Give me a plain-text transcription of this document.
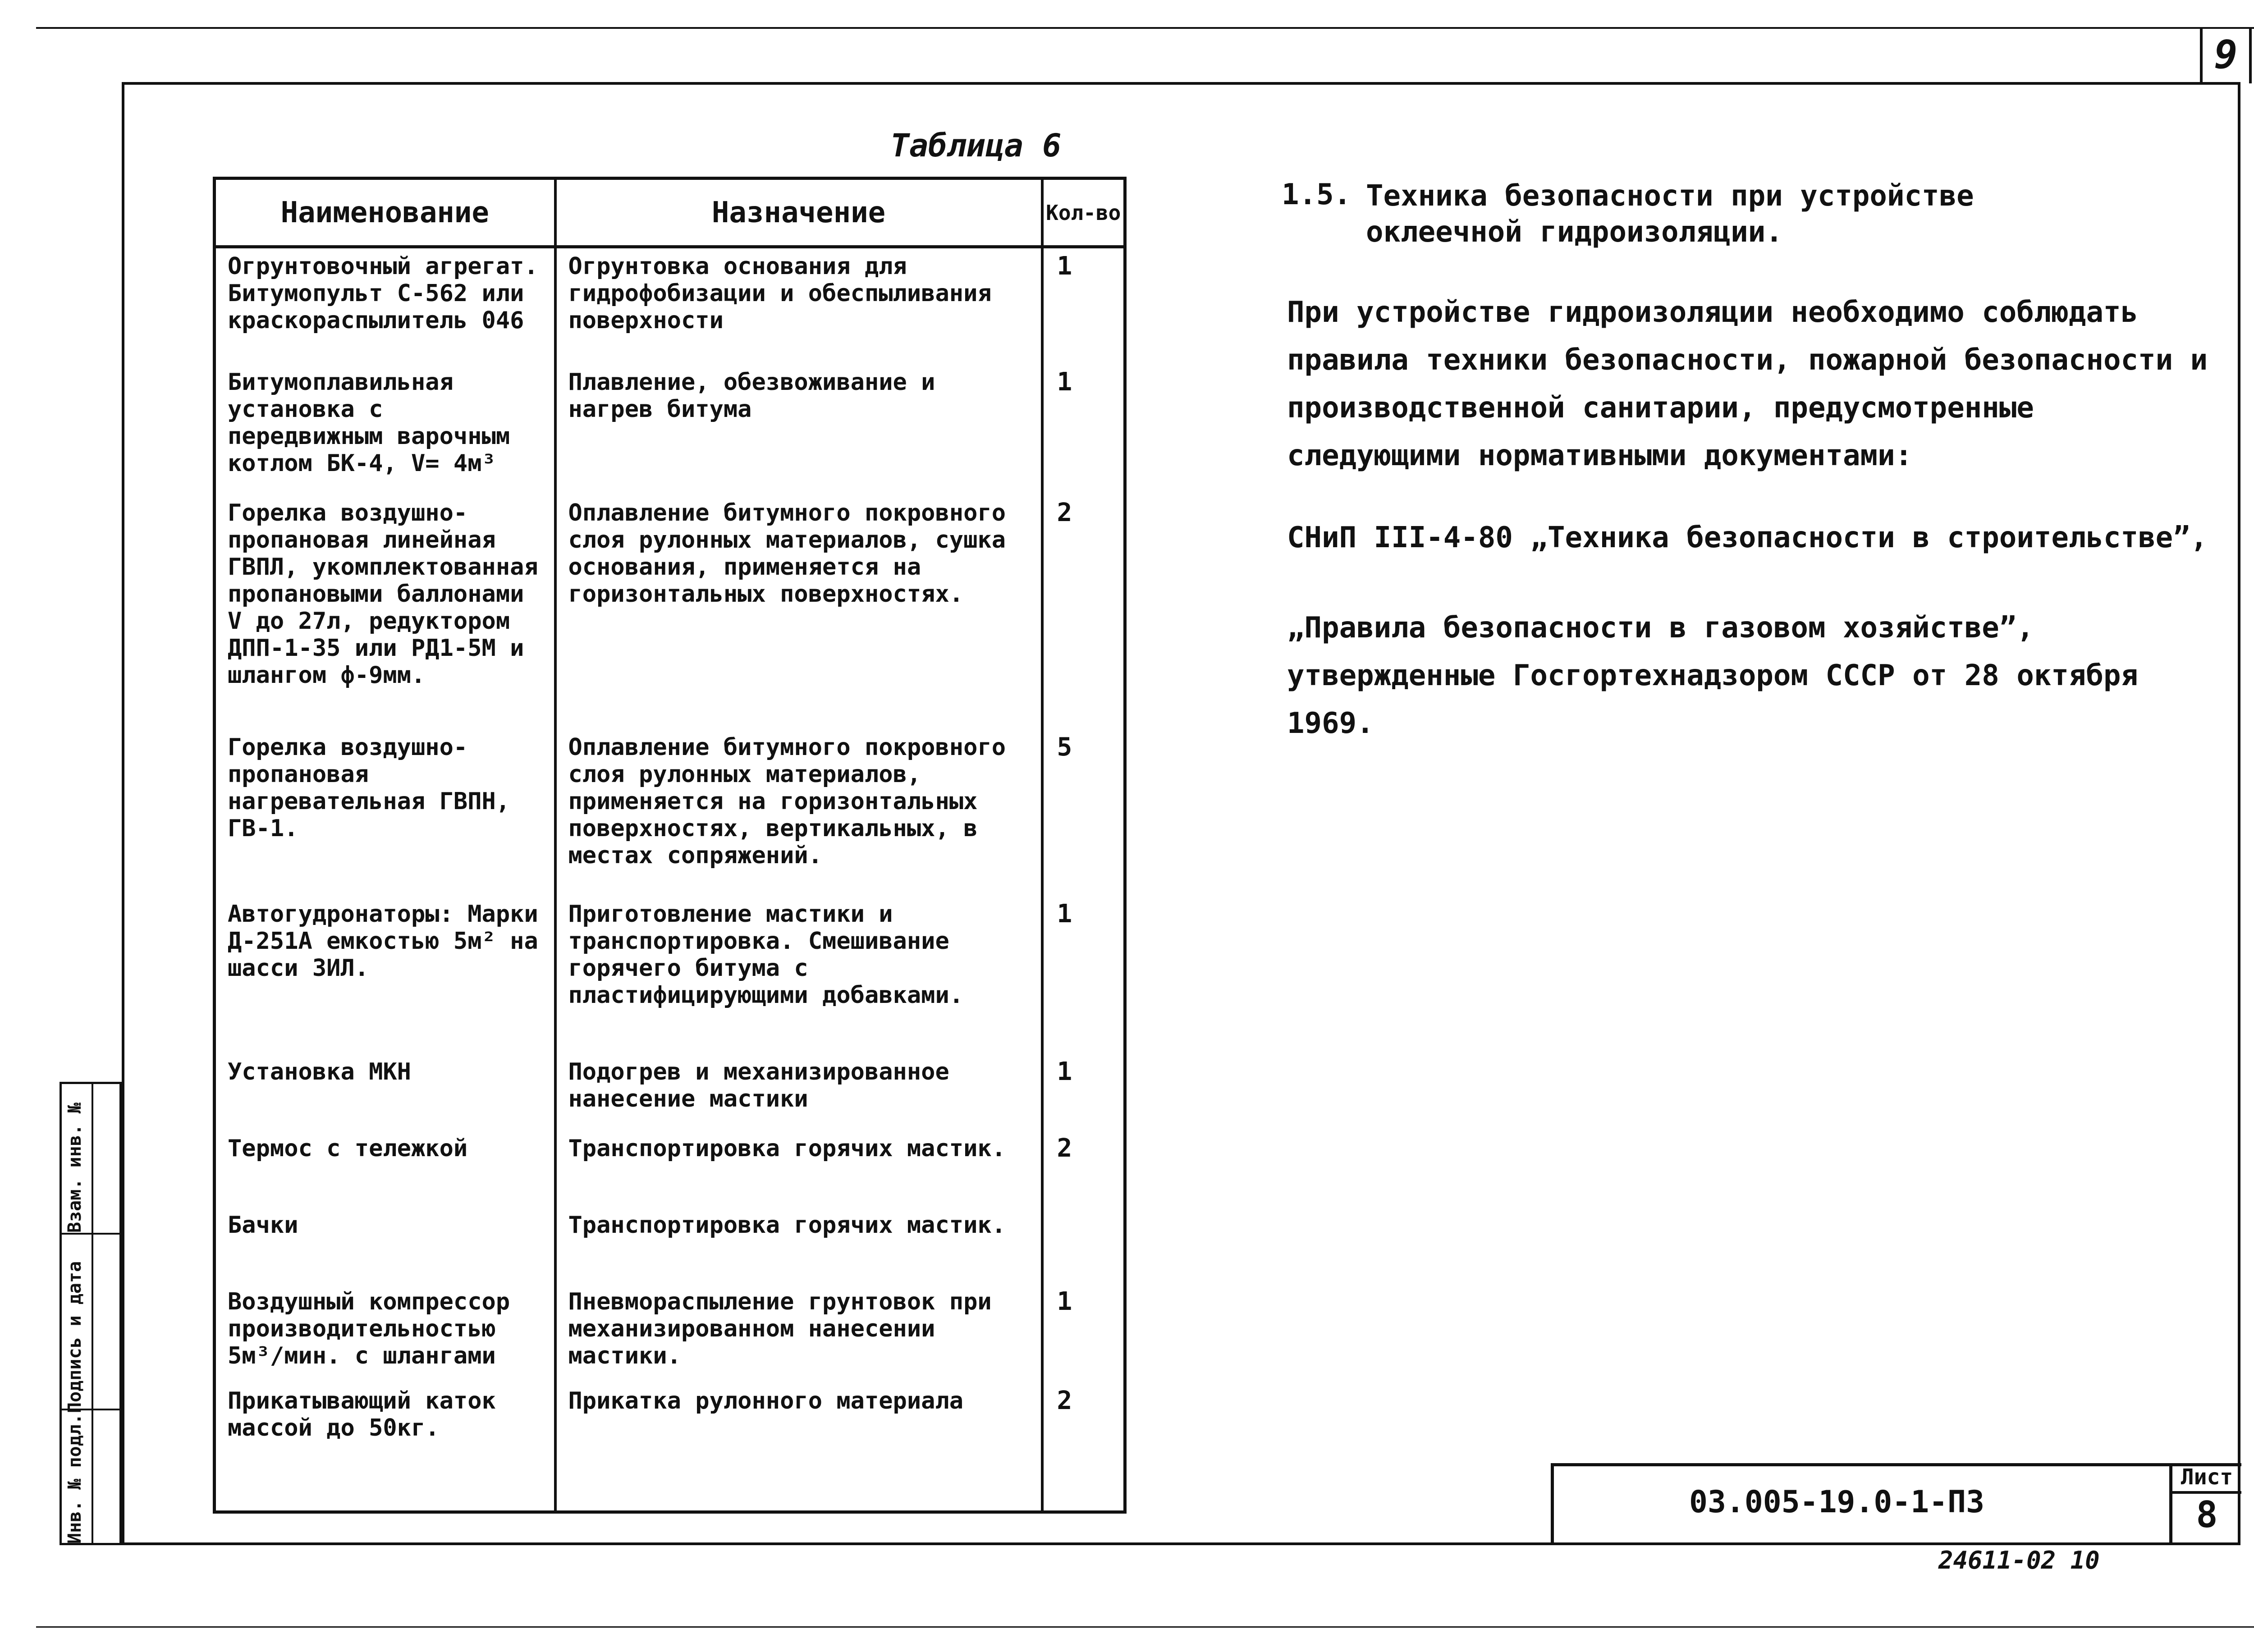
9
Инв. № подл.
Подпись и дата
Взам. инв. №
Таблица 6
Наименование	Назначение	Кол-во
Огрунтовочный агрегат. Битумопульт С-562 или краскораспылитель 046	Огрунтовка основания для гидрофобизации и обеспыливания поверхности	1
Битумоплавильная установка с передвижным варочным котлом БК-4, V= 4м³	Плавление, обезвоживание и нагрев битума	1
Горелка воздушно-пропановая линейная ГВПЛ, укомплектованная пропановыми баллонами V до 27л, редуктором ДПП-1-35 или РД1-5М и шлангом ф-9мм.	Оплавление битумного покровного слоя рулонных материалов, сушка основания, применяется на горизонтальных поверхностях.	2
Горелка воздушно-пропановая нагревательная ГВПН, ГВ-1.	Оплавление битумного покровного слоя рулонных материалов, применяется на горизонтальных поверхностях, вертикальных, в местах сопряжений.	5
Автогудронаторы: Марки Д-251А емкостью 5м² на шасси ЗИЛ.	Приготовление мастики и транспортировка. Смешивание горячего битума с пластифицирующими добавками.	1
Установка МКН	Подогрев и механизированное нанесение мастики	1
Термос с тележкой	Транспортировка горячих мастик.	2
Бачки	Транспортировка горячих мастик.	
Воздушный компрессор производительностью 5м³/мин. с шлангами	Пневмораспыление грунтовок при механизированном нанесении мастики.	1
Прикатывающий каток массой до 50кг.	Прикатка рулонного материала	2
1.5. Техника безопасности при устройстве
оклеечной гидроизоляции.
При устройстве гидроизоляции необходимо соблюдать правила техники безопасности, пожарной безопасности и производственной санитарии, предусмотренные следующими нормативными документами:
СНиП III-4-80 „Техника безопасности в строительстве”,
„Правила безопасности в газовом хозяйстве”, утвержденные Госгортехнадзором СССР от 28 октября 1969.
03.005-19.0-1-ПЗ
Лист
8
24611-02 10
